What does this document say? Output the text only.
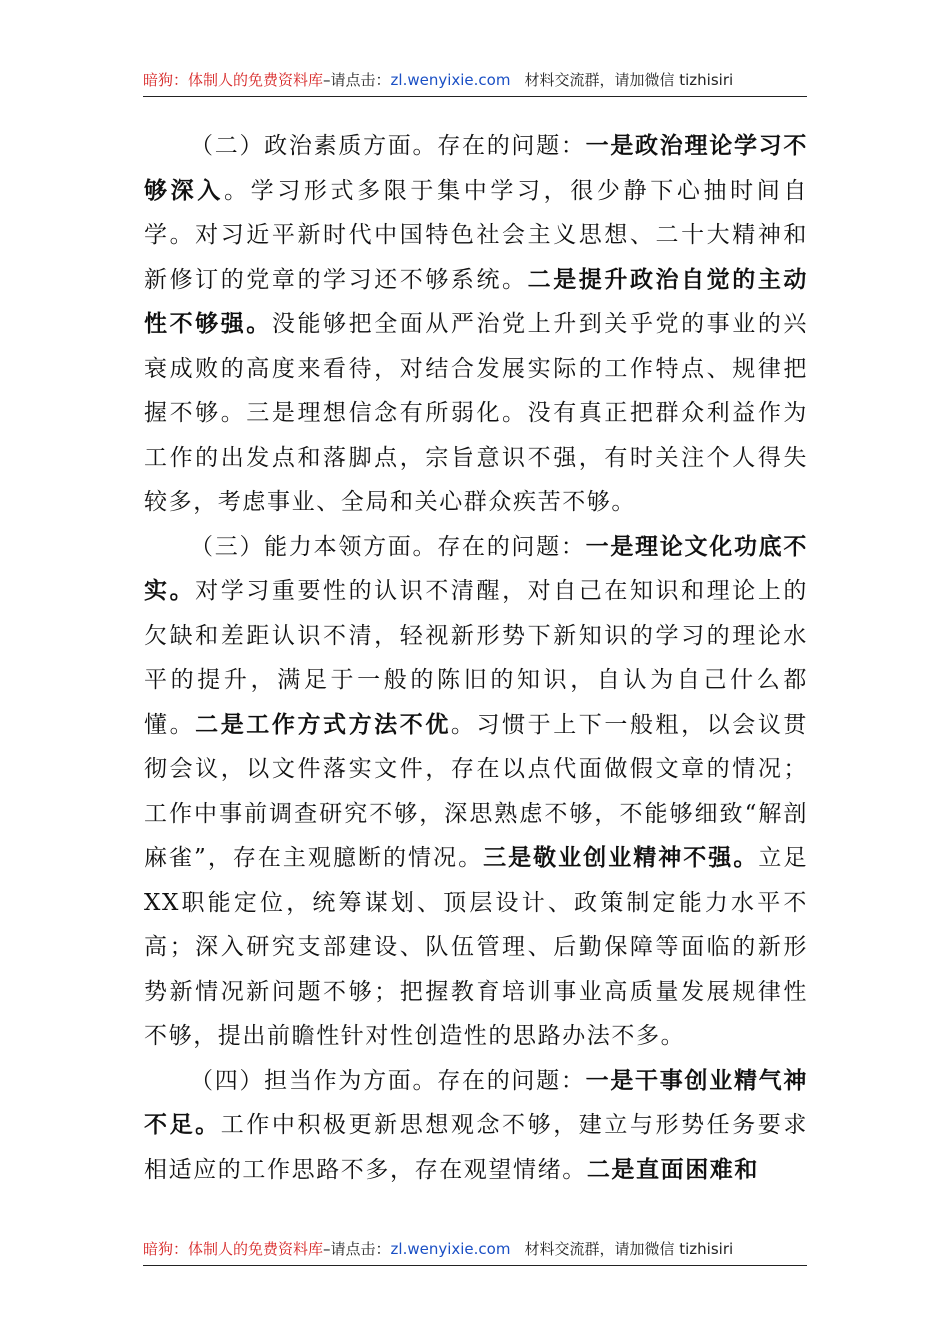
暗狗：体制人的免费资料库–请点击：zl.wenyixie.com 材料交流群，请加微信 tizhisiri

（二）政治素质方面。存在的问题：一是政治理论学习不够深入。学习形式多限于集中学习，很少静下心抽时间自学。对习近平新时代中国特色社会主义思想、二十大精神和新修订的党章的学习还不够系统。二是提升政治自觉的主动性不够强。没能够把全面从严治党上升到关乎党的事业的兴衰成败的高度来看待，对结合发展实际的工作特点、规律把握不够。三是理想信念有所弱化。没有真正把群众利益作为工作的出发点和落脚点，宗旨意识不强，有时关注个人得失较多，考虑事业、全局和关心群众疾苦不够。

（三）能力本领方面。存在的问题：一是理论文化功底不实。对学习重要性的认识不清醒，对自己在知识和理论上的欠缺和差距认识不清，轻视新形势下新知识的学习的理论水平的提升，满足于一般的陈旧的知识，自认为自己什么都懂。二是工作方式方法不优。习惯于上下一般粗，以会议贯彻会议，以文件落实文件，存在以点代面做假文章的情况；工作中事前调查研究不够，深思熟虑不够，不能够细致“解剖麻雀”，存在主观臆断的情况。三是敬业创业精神不强。立足XX职能定位，统筹谋划、顶层设计、政策制定能力水平不高；深入研究支部建设、队伍管理、后勤保障等面临的新形势新情况新问题不够；把握教育培训事业高质量发展规律性不够，提出前瞻性针对性创造性的思路办法不多。

（四）担当作为方面。存在的问题：一是干事创业精气神不足。工作中积极更新思想观念不够，建立与形势任务要求相适应的工作思路不多，存在观望情绪。二是直面困难和

暗狗：体制人的免费资料库–请点击：zl.wenyixie.com 材料交流群，请加微信 tizhisiri
